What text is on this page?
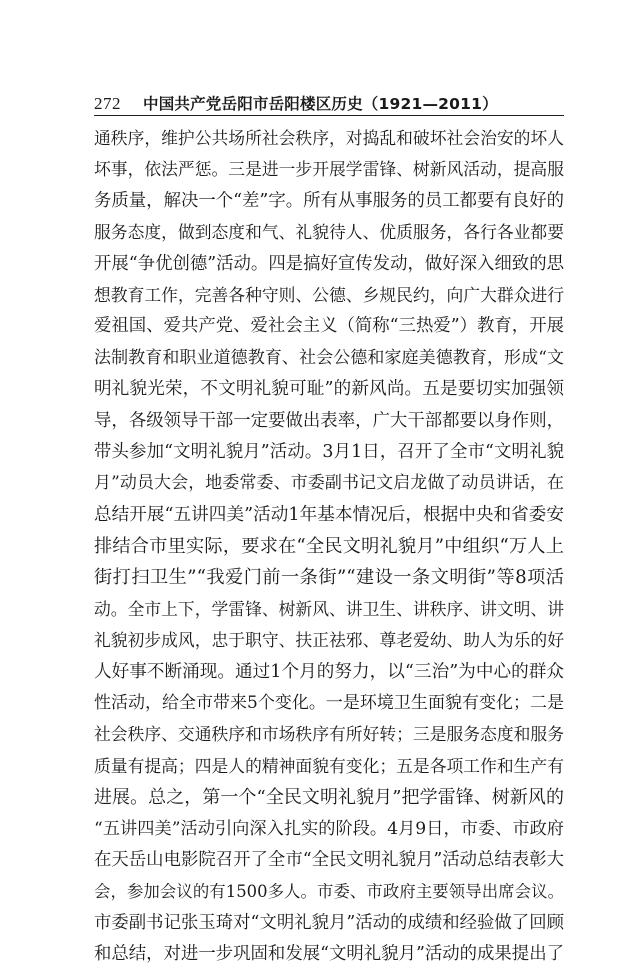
272 中国共产党岳阳市岳阳楼区历史（1921—2011）
通秩序，维护公共场所社会秩序，对捣乱和破坏社会治安的坏人
坏事，依法严惩。三是进一步开展学雷锋、树新风活动，提高服
务质量，解决一个“差”字。所有从事服务的员工都要有良好的
服务态度，做到态度和气、礼貌待人、优质服务，各行各业都要
开展“争优创德”活动。四是搞好宣传发动，做好深入细致的思
想教育工作，完善各种守则、公德、乡规民约，向广大群众进行
爱祖国、爱共产党、爱社会主义（简称“三热爱”）教育，开展
法制教育和职业道德教育、社会公德和家庭美德教育，形成“文
明礼貌光荣，不文明礼貌可耻”的新风尚。五是要切实加强领
导，各级领导干部一定要做出表率，广大干部都要以身作则，
带头参加“文明礼貌月”活动。3月1日，召开了全市“文明礼貌
月”动员大会，地委常委、市委副书记文启龙做了动员讲话，在
总结开展“五讲四美”活动1年基本情况后，根据中央和省委安
排结合市里实际，要求在“全民文明礼貌月”中组织“万人上
街打扫卫生”“我爱门前一条街”“建设一条文明街”等8项活
动。全市上下，学雷锋、树新风、讲卫生、讲秩序、讲文明、讲
礼貌初步成风，忠于职守、扶正祛邪、尊老爱幼、助人为乐的好
人好事不断涌现。通过1个月的努力，以“三治”为中心的群众
性活动，给全市带来5个变化。一是环境卫生面貌有变化；二是
社会秩序、交通秩序和市场秩序有所好转；三是服务态度和服务
质量有提高；四是人的精神面貌有变化；五是各项工作和生产有
进展。总之，第一个“全民文明礼貌月”把学雷锋、树新风的
“五讲四美”活动引向深入扎实的阶段。4月9日，市委、市政府
在天岳山电影院召开了全市“全民文明礼貌月”活动总结表彰大
会，参加会议的有1500多人。市委、市政府主要领导出席会议。
市委副书记张玉琦对“文明礼貌月”活动的成绩和经验做了回顾
和总结，对进一步巩固和发展“文明礼貌月”活动的成果提出了
